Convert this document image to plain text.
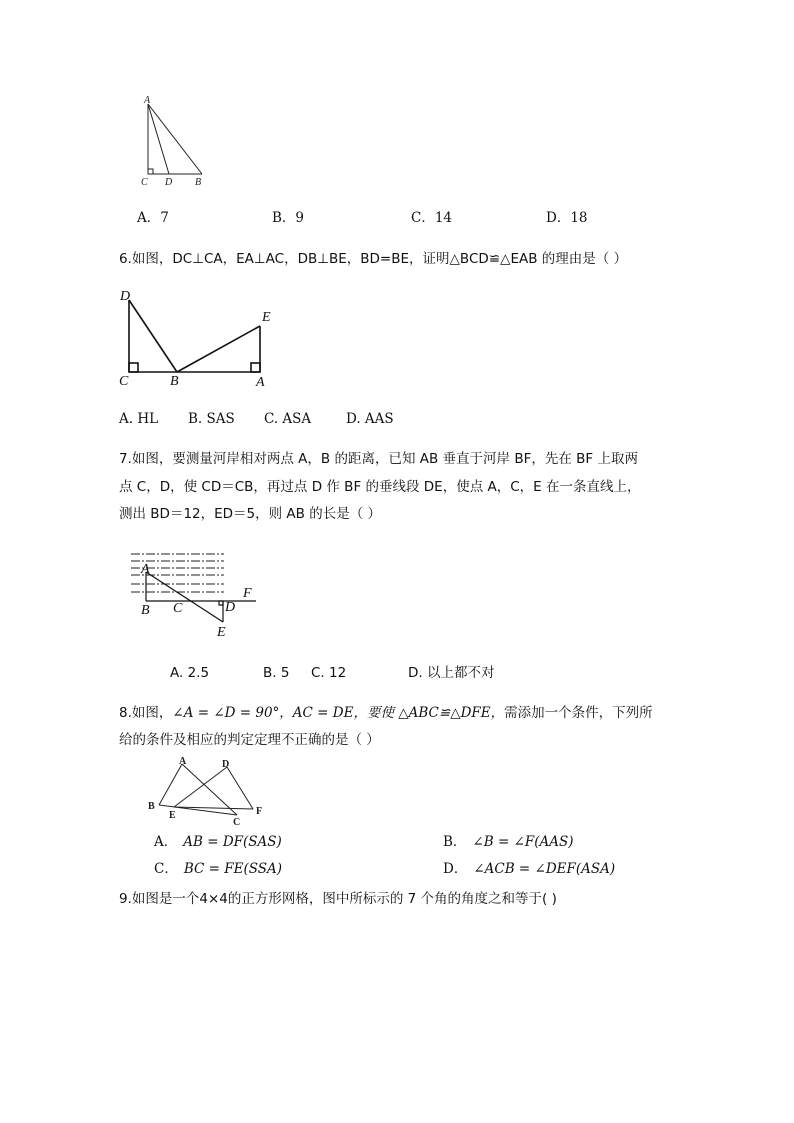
A
C D B
A．7	B．9	C．14	D．18
6.如图，DC⊥CA，EA⊥AC，DB⊥BE，BD=BE，证明△BCD≌△EAB 的理由是（ ）
D
E
C	B	A
A. HL B. SAS C. ASA	D. AAS
7.如图，要测量河岸相对两点 A，B 的距离，已知 AB 垂直于河岸 BF，先在 BF 上取两
点 C，D，使 CD＝CB，再过点 D 作 BF 的垂线段 DE，使点 A，C，E 在一条直线上，
测出 BD＝12，ED＝5，则 AB 的长是（ ）
A
F
B C	D
E
A. 2.5	B. 5 C. 12	D. 以上都不对
8.如图，∠A = ∠D = 90°，AC = DE，要使 △ABC≌△DFE，需添加一个条件，下列所
给的条件及相应的判定定理不正确的是（ ）
A	D
B
E
C
F
A． AB = DF(SAS)	B． ∠B = ∠F(AAS)
C． BC = FE(SSA)	D． ∠ACB = ∠DEF(ASA)
9.如图是一个4×4的正方形网格，图中所标示的 7 个角的角度之和等于( )
